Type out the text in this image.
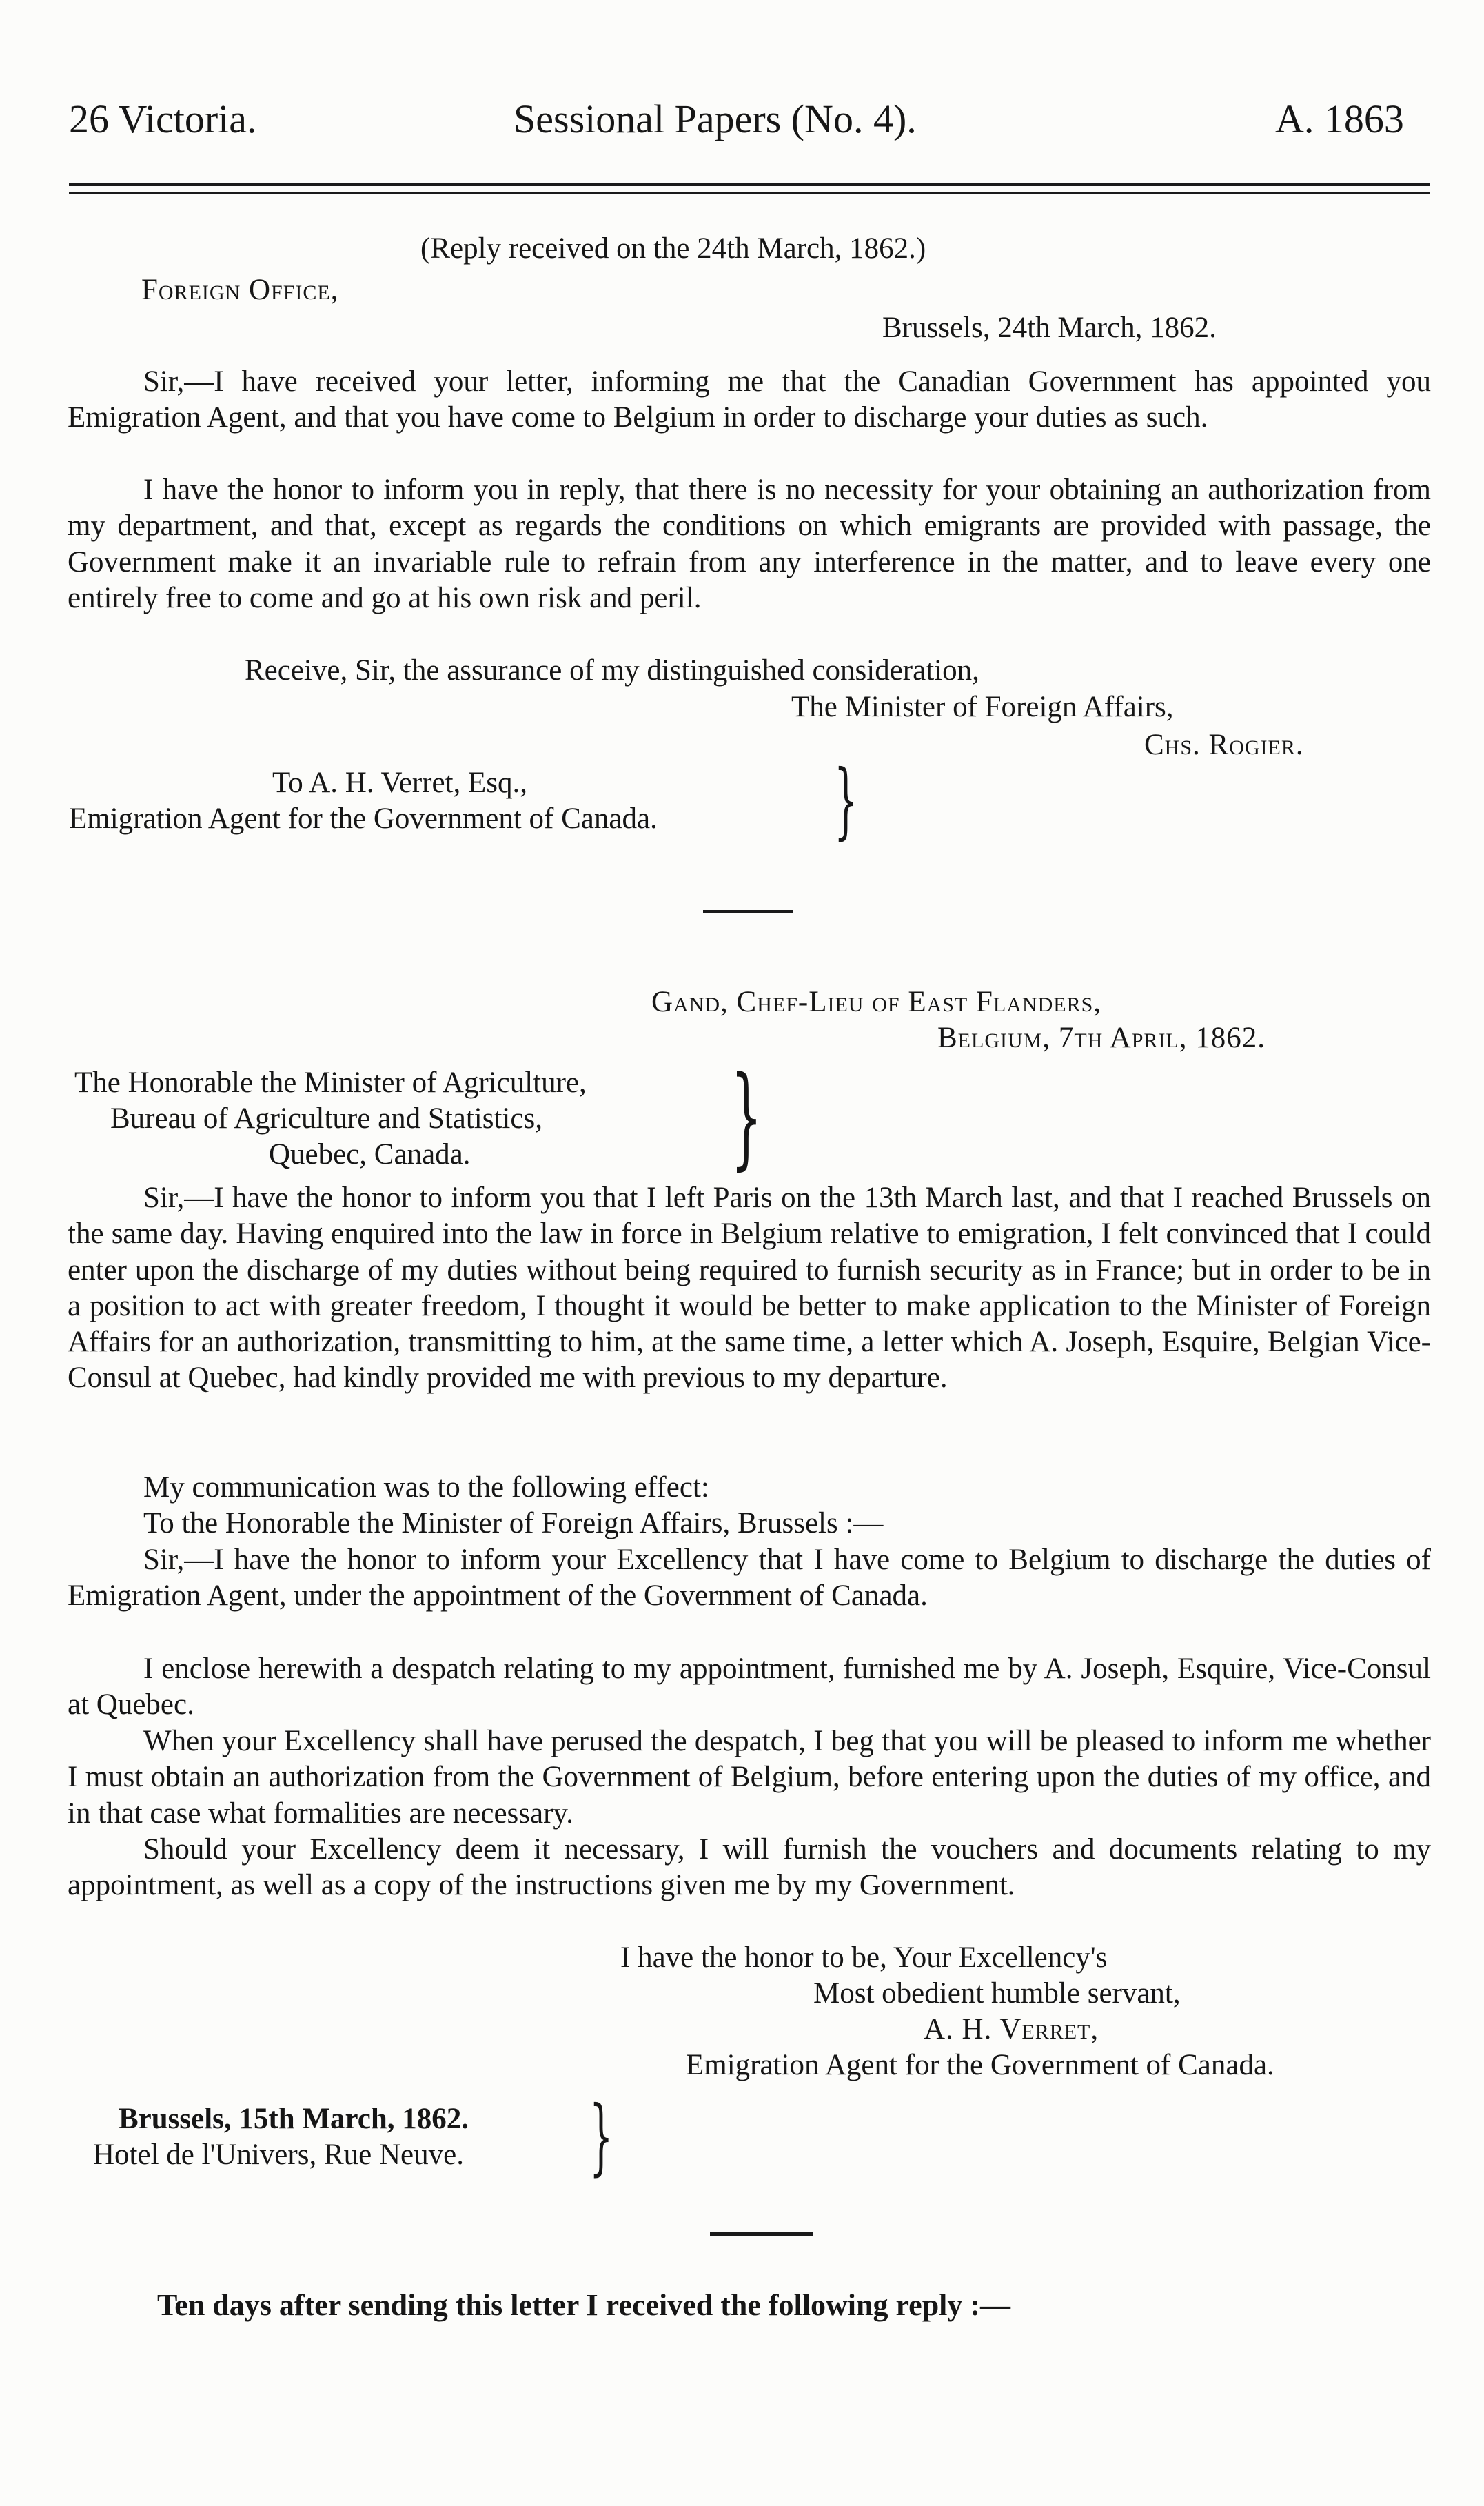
26 Victoria.	Sessional Papers (No. 4).	A. 1863
(Reply received on the 24th March, 1862.)
Foreign Office,
Brussels, 24th March, 1862.
Sir,—I have received your letter, informing me that the Canadian Government has appointed you Emigration Agent, and that you have come to Belgium in order to discharge your duties as such.
I have the honor to inform you in reply, that there is no necessity for your obtaining an authorization from my department, and that, except as regards the conditions on which emigrants are provided with passage, the Government make it an invariable rule to refrain from any interference in the matter, and to leave every one entirely free to come and go at his own risk and peril.
Receive, Sir, the assurance of my distinguished consideration,
The Minister of Foreign Affairs,
Chs. Rogier.
To A. H. Verret, Esq.,
Emigration Agent for the Government of Canada. }
Gand, Chef-Lieu of East Flanders,
Belgium, 7th April, 1862.
The Honorable the Minister of Agriculture,
Bureau of Agriculture and Statistics,
Quebec, Canada. }
Sir,—I have the honor to inform you that I left Paris on the 13th March last, and that I reached Brussels on the same day. Having enquired into the law in force in Belgium relative to emigration, I felt convinced that I could enter upon the discharge of my duties without being required to furnish security as in France; but in order to be in a position to act with greater freedom, I thought it would be better to make application to the Minister of Foreign Affairs for an authorization, transmitting to him, at the same time, a letter which A. Joseph, Esquire, Belgian Vice-Consul at Quebec, had kindly provided me with previous to my departure.
My communication was to the following effect:
To the Honorable the Minister of Foreign Affairs, Brussels :—
Sir,—I have the honor to inform your Excellency that I have come to Belgium to discharge the duties of Emigration Agent, under the appointment of the Government of Canada.
I enclose herewith a despatch relating to my appointment, furnished me by A. Joseph, Esquire, Vice-Consul at Quebec.
When your Excellency shall have perused the despatch, I beg that you will be pleased to inform me whether I must obtain an authorization from the Government of Belgium, before entering upon the duties of my office, and in that case what formalities are necessary.
Should your Excellency deem it necessary, I will furnish the vouchers and documents relating to my appointment, as well as a copy of the instructions given me by my Government.
I have the honor to be, Your Excellency's
Most obedient humble servant,
A. H. Verret,
Emigration Agent for the Government of Canada.
Brussels, 15th March, 1862.
Hotel de l'Univers, Rue Neuve. }
Ten days after sending this letter I received the following reply :—
